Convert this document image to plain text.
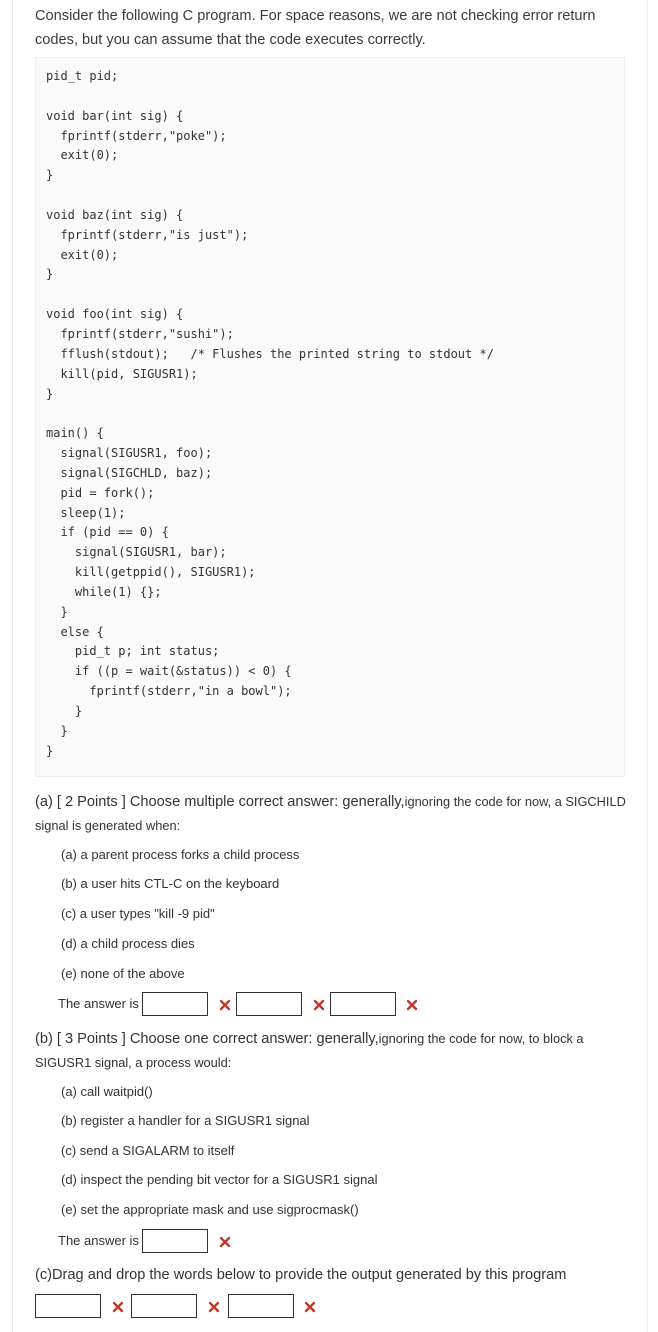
Consider the following C program. For space reasons, we are not checking error return codes, but you can assume that the code executes correctly.
pid_t pid;

void bar(int sig) {
fprintf(stderr,"poke");
exit(0);
}

void baz(int sig) {
fprintf(stderr,"is just");
exit(0);
}

void foo(int sig) {
fprintf(stderr,"sushi");
fflush(stdout);   /* Flushes the printed string to stdout */
kill(pid, SIGUSR1);
}

main() {
signal(SIGUSR1, foo);
signal(SIGCHLD, baz);
pid = fork();
sleep(1);
if (pid == 0) {
signal(SIGUSR1, bar);
kill(getppid(), SIGUSR1);
while(1) {};
}
else {
pid_t p; int status;
if ((p = wait(&status)) < 0) {
fprintf(stderr,"in a bowl");
}
}
}

(a) [ 2 Points ] Choose multiple correct answer: generally,ignoring the code for now, a SIGCHILD signal is generated when:
(a) a parent process forks a child process
(b) a user hits CTL-C on the keyboard
(c) a user types "kill -9 pid"
(d) a child process dies
(e) none of the above
The answer is
(b) [ 3 Points ] Choose one correct answer: generally,ignoring the code for now, to block a SIGUSR1 signal, a process would:
(a) call waitpid()
(b) register a handler for a SIGUSR1 signal
(c) send a SIGALARM to itself
(d) inspect the pending bit vector for a SIGUSR1 signal
(e) set the appropriate mask and use sigprocmask()
The answer is
(c)Drag and drop the words below to provide the output generated by this program
